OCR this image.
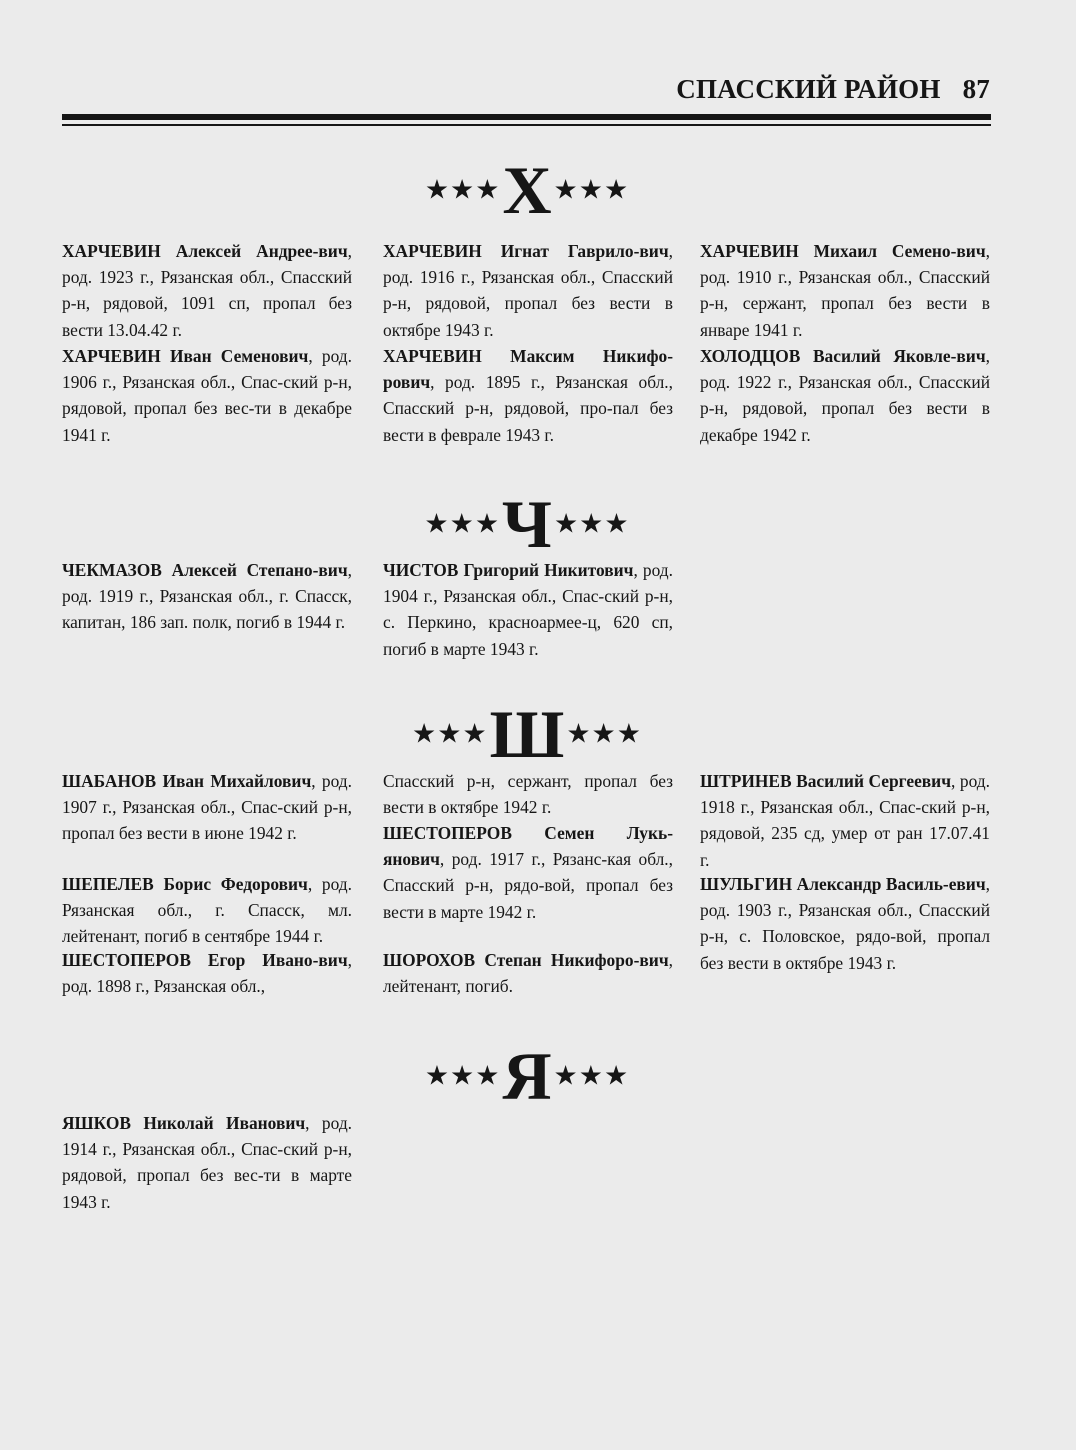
СПАССКИЙ РАЙОН 87
★★★Х★★★
ХАРЧЕВИН Алексей Андрее-вич, род. 1923 г., Рязанская обл., Спасский р-н, рядовой, 1091 сп, пропал без вести 13.04.42 г.
ХАРЧЕВИН Иван Семенович, род. 1906 г., Рязанская обл., Спас-ский р-н, рядовой, пропал без вес-ти в декабре 1941 г.
ХАРЧЕВИН Игнат Гаврило-вич, род. 1916 г., Рязанская обл., Спасский р-н, рядовой, пропал без вести в октябре 1943 г.
ХАРЧЕВИН Максим Никифо-рович, род. 1895 г., Рязанская обл., Спасский р-н, рядовой, про-пал без вести в феврале 1943 г.
ХАРЧЕВИН Михаил Семено-вич, род. 1910 г., Рязанская обл., Спасский р-н, сержант, пропал без вести в январе 1941 г.
ХОЛОДЦОВ Василий Яковле-вич, род. 1922 г., Рязанская обл., Спасский р-н, рядовой, пропал без вести в декабре 1942 г.
★★★Ч★★★
ЧЕКМАЗОВ Алексей Степано-вич, род. 1919 г., Рязанская обл., г. Спасск, капитан, 186 зап. полк, погиб в 1944 г.
ЧИСТОВ Григорий Никитович, род. 1904 г., Рязанская обл., Спас-ский р-н, с. Перкино, красноармее-ц, 620 сп, погиб в марте 1943 г.
★★★Ш★★★
ШАБАНОВ Иван Михайлович, род. 1907 г., Рязанская обл., Спас-ский р-н, пропал без вести в июне 1942 г.
ШЕПЕЛЕВ Борис Федорович, род. Рязанская обл., г. Спасск, мл. лейтенант, погиб в сентябре 1944 г.
ШЕСТОПЕРОВ Егор Ивано-вич, род. 1898 г., Рязанская обл.,
Спасский р-н, сержант, пропал без вести в октябре 1942 г.
ШЕСТОПЕРОВ Семен Лукь-янович, род. 1917 г., Рязанс-кая обл., Спасский р-н, рядо-вой, пропал без вести в марте 1942 г.
ШОРОХОВ Степан Никифоро-вич, лейтенант, погиб.
ШТРИНЕВ Василий Сергеевич, род. 1918 г., Рязанская обл., Спас-ский р-н, рядовой, 235 сд, умер от ран 17.07.41 г.
ШУЛЬГИН Александр Василь-евич, род. 1903 г., Рязанская обл., Спасский р-н, с. Половское, рядо-вой, пропал без вести в октябре 1943 г.
★★★Я★★★
ЯШКОВ Николай Иванович, род. 1914 г., Рязанская обл., Спас-ский р-н, рядовой, пропал без вес-ти в марте 1943 г.
